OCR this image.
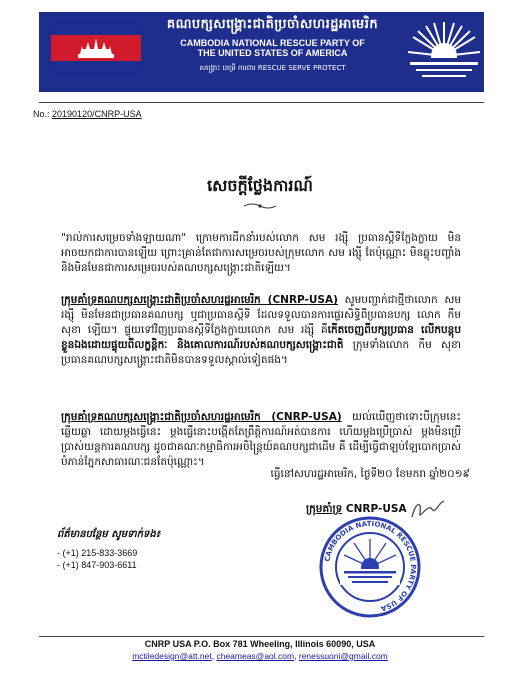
គណបក្សសង្គ្រោះជាតិប្រចាំសហរដ្ឋអាមេរិក
CAMBODIA NATIONAL RESCUE PARTY OF
THE UNITED STATES OF AMERICA
សង្គ្រោះ បម្រើ ការពារ RESCUE SERVE PROTECT
No.: 20190120/CNRP-USA
សេចក្តីថ្លែងការណ៍
"រាល់ការសម្រេចទាំងឡាយណា" ក្រោមការដឹកនាំរបស់លោក សម រង្ស៊ី ប្រធានស្តីទីក្លែងក្លាយ មិនអាចយកជាការបានឡើយ ព្រោះគ្រាន់តែជាការសម្រេចរបស់ក្រុមលោក សម រង្ស៊ី តែប៉ុណ្ណោះ មិនឆ្លុះបញ្ចាំង និងមិនមែនជាការសម្រេចរបស់គណបក្សសង្គ្រោះជាតិឡើយ។
ក្រុមគាំទ្រគណបក្សសង្គ្រោះជាតិប្រចាំសហរដ្ឋអាមេរិក (CNRP-USA) សូមបញ្ជាក់ជាថ្មីថាលោក សម រង្ស៊ី មិនមែនជាប្រធានគណបក្ស ឬជាប្រធានស្តីទី ដែលទទួលបានការផ្ទេរសិទ្ធិពីប្រធានបក្ស លោក កឹម សុខា ឡើយ។ ផ្ទុយទៅវិញប្រធានស្តីទីក្លែងក្លាយលោក សម រង្ស៊ី គឺកើតចេញពីបក្សប្រធាន លើកបន្តុបខ្លួនឯងដោយផ្ទុយពីលក្ខន្តិកៈ និងគោលការណ៍របស់គណបក្សសង្គ្រោះជាតិ ក្រុមទាំងលោក កឹម សុខា ប្រធានគណបក្សសង្គ្រោះជាតិមិនបានទទួលស្គាល់ទៀតផង។
ក្រុមគាំទ្រគណបក្សសង្គ្រោះជាតិប្រចាំសហរដ្ឋអាមេរិក (CNRP-USA) យល់ឃើញថាទោះបីក្រុមនេះឆ្លើយឆ្លា ដោយម្តងធ្វើនេះ ម្តងធ្វើនោះបង្កើតតែព្រឹត្តិការណ៍អត់បានការ ហើយម្តងប្រើប្រាស់ ម្តងមិនប្រើប្រាស់យន្តការគណបក្ស ដូចជាគណៈកម្មាធិការអចិន្ត្រៃយ៍គណបក្សជាដើម គឺ ដើម្បីធ្វើជាឡប់ឡែបោកប្រាស់បំភាន់ភ្នែកសាធារណៈជនតែប៉ុណ្ណោះ។
ធ្វើនៅសហរដ្ឋអាមេរិក, ថ្ងៃទី២០ ខែមករា ឆ្នាំ២០១៩
ក្រុមគាំទ្រ CNRP-USA
CAMBODIA NATIONAL RESCUE PARTY OF USA
ព័ត៌មានបន្ថែម សូមទាក់ទង៖
- (+1) 215-833-3669
- (+1) 847-903-6611
CNRP USA P.O. Box 781 Wheeling, Illinois 60090, USA
mctiledesign@att.net, cheameas@aol.com, renessuoni@gmail.com
